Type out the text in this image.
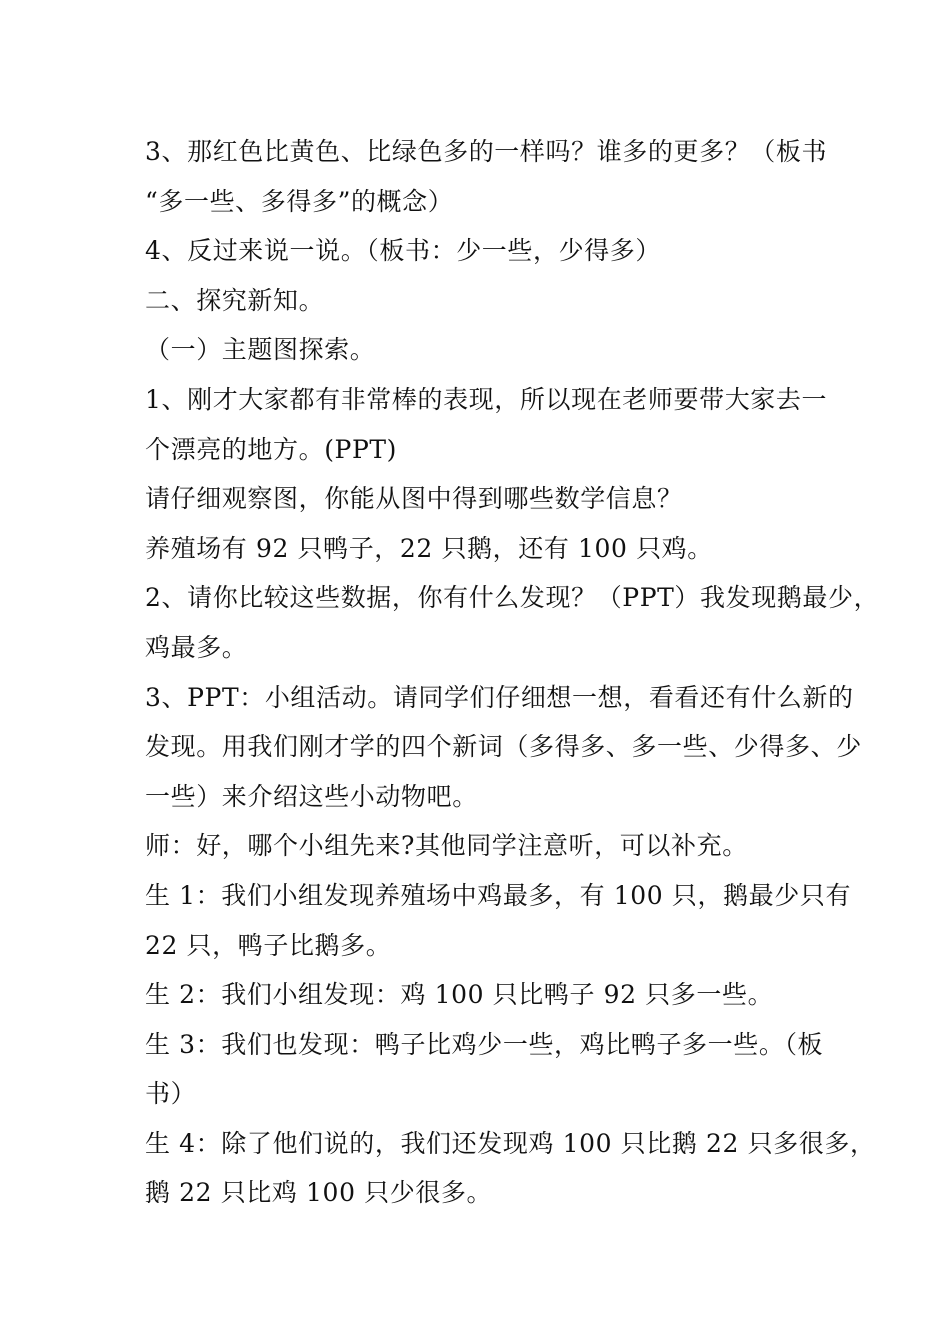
3、那红色比黄色、比绿色多的一样吗？谁多的更多？（板书
“多一些、多得多”的概念）
4、反过来说一说。（板书：少一些，少得多）
二、探究新知。
（一）主题图探索。
1、刚才大家都有非常棒的表现，所以现在老师要带大家去一
个漂亮的地方。(PPT)
请仔细观察图，你能从图中得到哪些数学信息？
养殖场有 92 只鸭子，22 只鹅，还有 100 只鸡。
2、请你比较这些数据，你有什么发现？（PPT）我发现鹅最少，
鸡最多。
3、PPT：小组活动。请同学们仔细想一想，看看还有什么新的
发现。用我们刚才学的四个新词（多得多、多一些、少得多、少
一些）来介绍这些小动物吧。
师：好，哪个小组先来?其他同学注意听，可以补充。
生 1：我们小组发现养殖场中鸡最多，有 100 只，鹅最少只有
22 只，鸭子比鹅多。
生 2：我们小组发现：鸡 100 只比鸭子 92 只多一些。
生 3：我们也发现：鸭子比鸡少一些，鸡比鸭子多一些。（板
书）
生 4：除了他们说的，我们还发现鸡 100 只比鹅 22 只多很多，
鹅 22 只比鸡 100 只少很多。
